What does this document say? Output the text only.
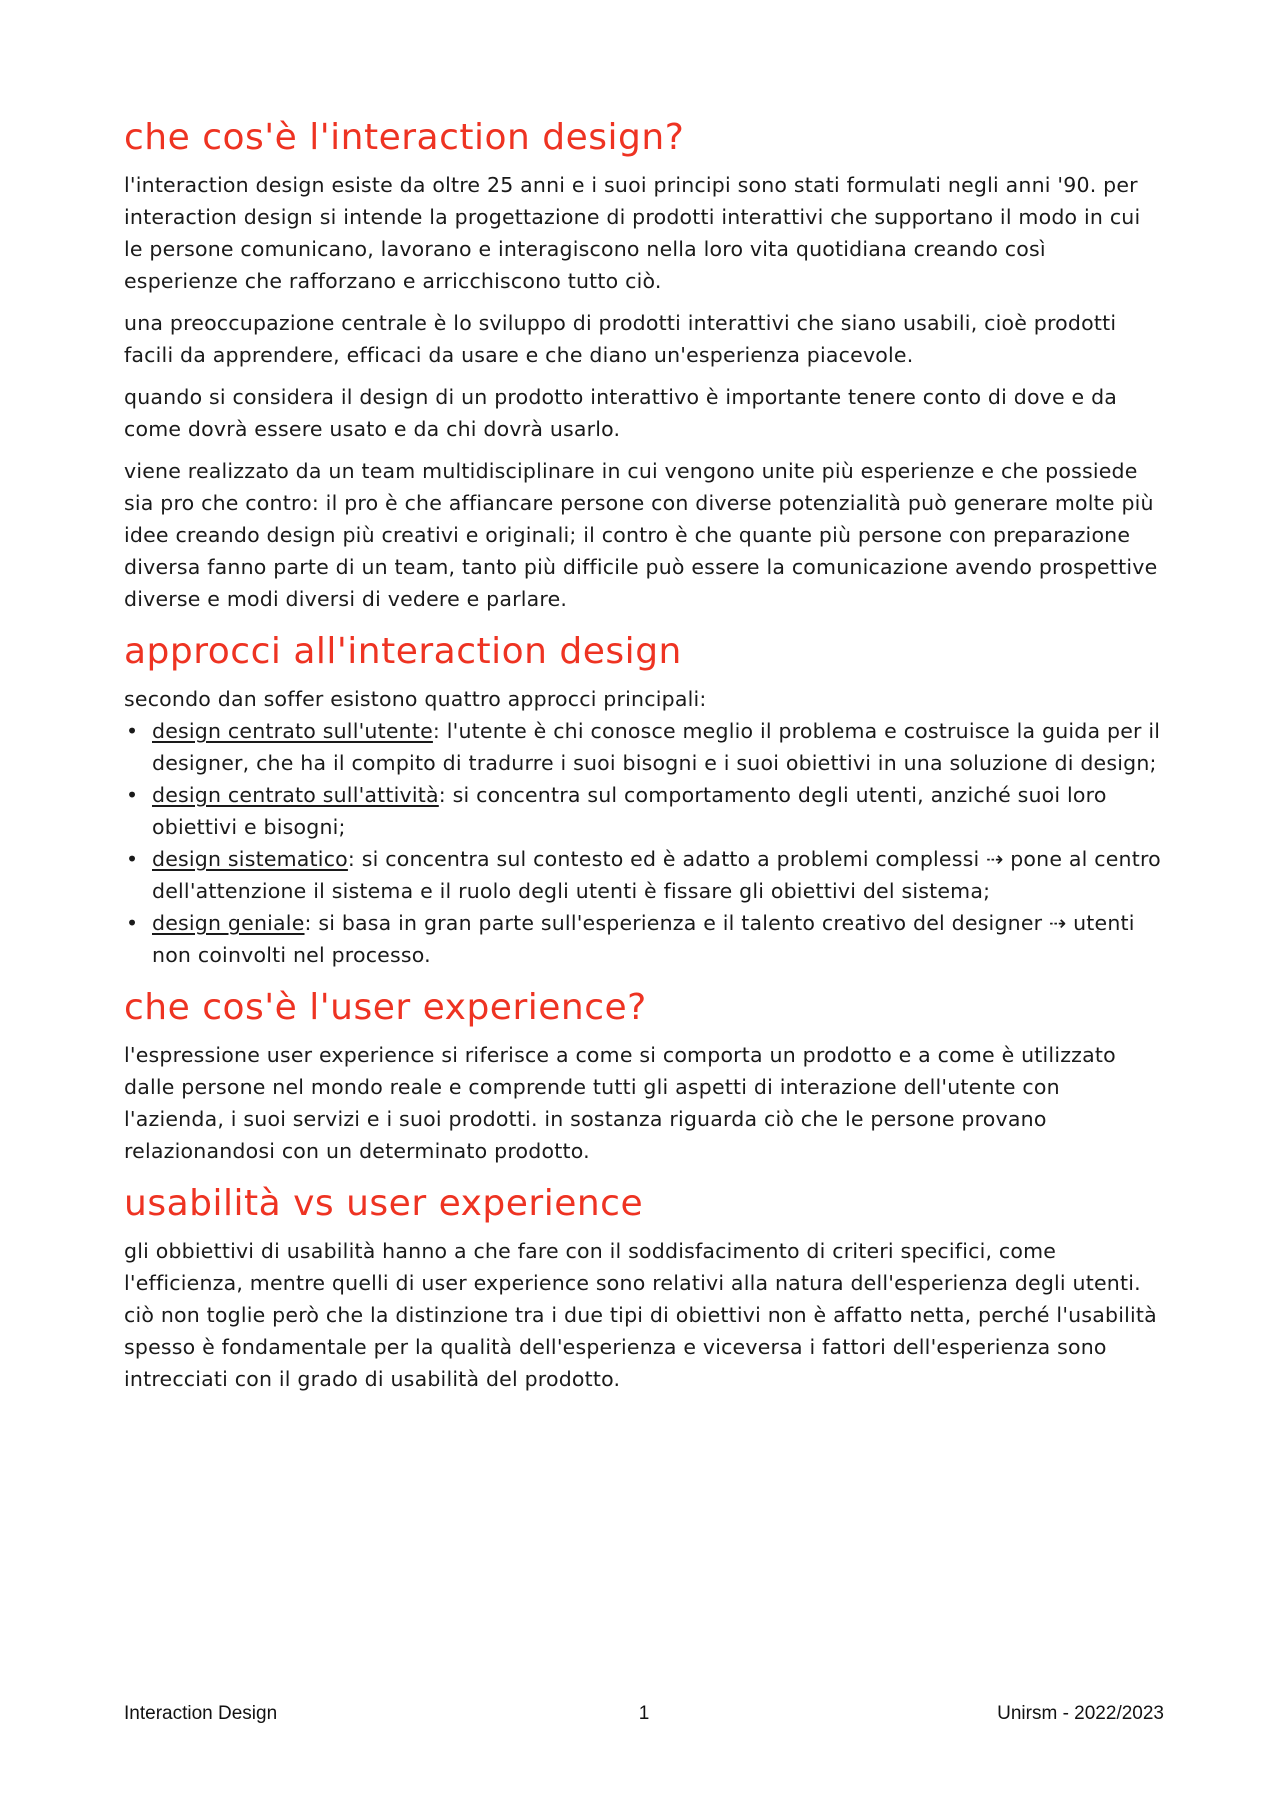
che cos'è l'interaction design?

l'interaction design esiste da oltre 25 anni e i suoi principi sono stati formulati negli anni '90. per interaction design si intende la progettazione di prodotti interattivi che supportano il modo in cui le persone comunicano, lavorano e interagiscono nella loro vita quotidiana creando così esperienze che rafforzano e arricchiscono tutto ciò.

una preoccupazione centrale è lo sviluppo di prodotti interattivi che siano usabili, cioè prodotti facili da apprendere, efficaci da usare e che diano un'esperienza piacevole.

quando si considera il design di un prodotto interattivo è importante tenere conto di dove e da come dovrà essere usato e da chi dovrà usarlo.

viene realizzato da un team multidisciplinare in cui vengono unite più esperienze e che possiede sia pro che contro: il pro è che affiancare persone con diverse potenzialità può generare molte più idee creando design più creativi e originali; il contro è che quante più persone con preparazione diversa fanno parte di un team, tanto più difficile può essere la comunicazione avendo prospettive diverse e modi diversi di vedere e parlare.

approcci all'interaction design

secondo dan soffer esistono quattro approcci principali:

• design centrato sull'utente: l'utente è chi conosce meglio il problema e costruisce la guida per il designer, che ha il compito di tradurre i suoi bisogni e i suoi obiettivi in una soluzione di design;
• design centrato sull'attività: si concentra sul comportamento degli utenti, anziché suoi loro obiettivi e bisogni;
• design sistematico: si concentra sul contesto ed è adatto a problemi complessi ⇢ pone al centro dell'attenzione il sistema e il ruolo degli utenti è fissare gli obiettivi del sistema;
• design geniale: si basa in gran parte sull'esperienza e il talento creativo del designer ⇢ utenti non coinvolti nel processo.
che cos'è l'user experience?

l'espressione user experience si riferisce a come si comporta un prodotto e a come è utilizzato dalle persone nel mondo reale e comprende tutti gli aspetti di interazione dell'utente con l'azienda, i suoi servizi e i suoi prodotti. in sostanza riguarda ciò che le persone provano relazionandosi con un determinato prodotto.

usabilità vs user experience

gli obbiettivi di usabilità hanno a che fare con il soddisfacimento di criteri specifici, come l'efficienza, mentre quelli di user experience sono relativi alla natura dell'esperienza degli utenti. ciò non toglie però che la distinzione tra i due tipi di obiettivi non è affatto netta, perché l'usabilità spesso è fondamentale per la qualità dell'esperienza e viceversa i fattori dell'esperienza sono intrecciati con il grado di usabilità del prodotto.

Interaction Design	1	Unirsm - 2022/2023
